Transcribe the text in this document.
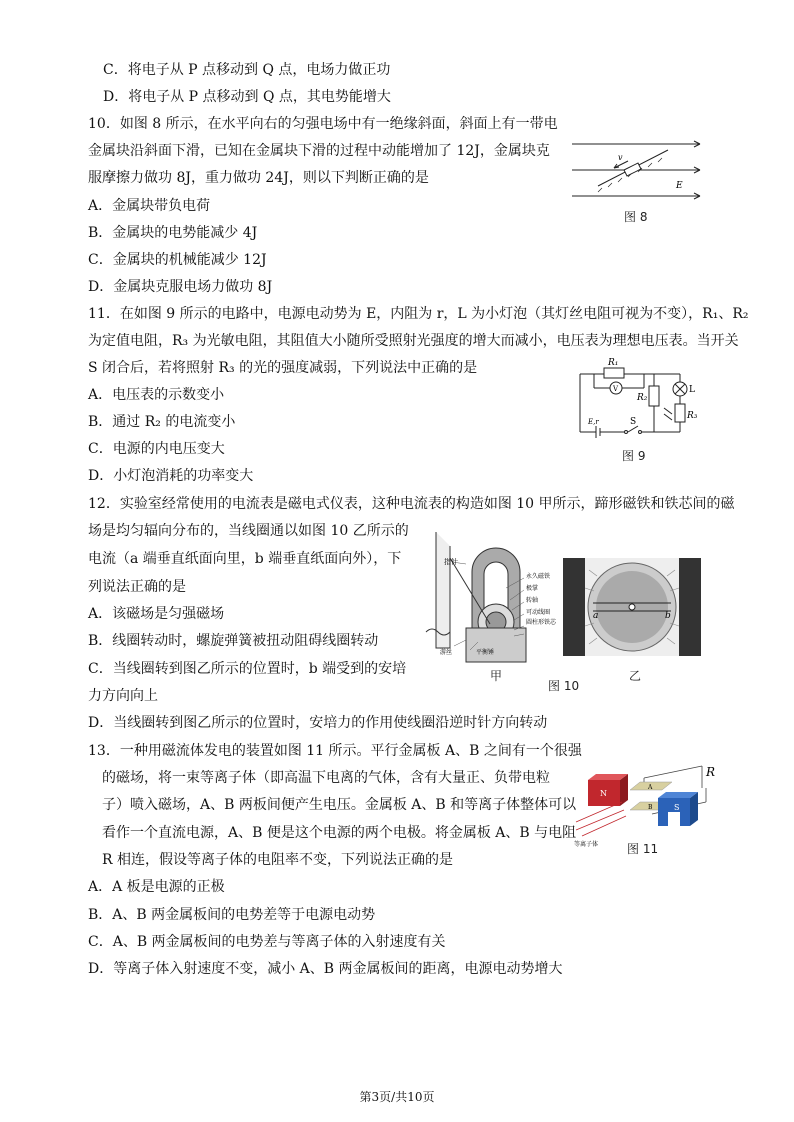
C．将电子从 P 点移动到 Q 点，电场力做正功
D．将电子从 P 点移动到 Q 点，其电势能增大
10．如图 8 所示，在水平向右的匀强电场中有一绝缘斜面，斜面上有一带电
金属块沿斜面下滑，已知在金属块下滑的过程中动能增加了 12J，金属块克
服摩擦力做功 8J，重力做功 24J，则以下判断正确的是
A．金属块带负电荷
B．金属块的电势能减少 4J
C．金属块的机械能减少 12J
D．金属块克服电场力做功 8J
v
E
图 8
11．在如图 9 所示的电路中，电源电动势为 E，内阻为 r，L 为小灯泡（其灯丝电阻可视为不变），R₁、R₂
为定值电阻，R₃ 为光敏电阻，其阻值大小随所受照射光强度的增大而减小，电压表为理想电压表。当开关
S 闭合后，若将照射 R₃ 的光的强度减弱，下列说法中正确的是
A．电压表的示数变小
B．通过 R₂ 的电流变小
C．电源的内电压变大
D．小灯泡消耗的功率变大
R₁
V
R₂
L
R₃
E,r	S
图 9
12．实验室经常使用的电流表是磁电式仪表，这种电流表的构造如图 10 甲所示，蹄形磁铁和铁芯间的磁
场是均匀辐向分布的，当线圈通以如图 10 乙所示的
电流（a 端垂直纸面向里，b 端垂直纸面向外），下
列说法正确的是
A．该磁场是匀强磁场
B．线圈转动时，螺旋弹簧被扭动阻碍线圈转动
C．当线圈转到图乙所示的位置时，b 端受到的安培
力方向向上
D．当线圈转到图乙所示的位置时，安培力的作用使线圈沿逆时针方向转动
指针
永久磁铁
极掌
转轴
可动线圈
圆柱形铁芯
游丝	平衡锤
甲
a	b
乙
图 10
13．一种用磁流体发电的装置如图 11 所示。平行金属板 A、B 之间有一个很强
的磁场，将一束等离子体（即高温下电离的气体，含有大量正、负带电粒
子）喷入磁场，A、B 两板间便产生电压。金属板 A、B 和等离子体整体可以
看作一个直流电源，A、B 便是这个电源的两个电极。将金属板 A、B 与电阻
R 相连，假设等离子体的电阻率不变，下列说法正确的是
A．A 板是电源的正极
B．A、B 两金属板间的电势差等于电源电动势
C．A、B 两金属板间的电势差与等离子体的入射速度有关
D．等离子体入射速度不变，减小 A、B 两金属板间的距离，电源电动势增大
N
S
A
B
R
等离子体 图 11
第3页/共10页
